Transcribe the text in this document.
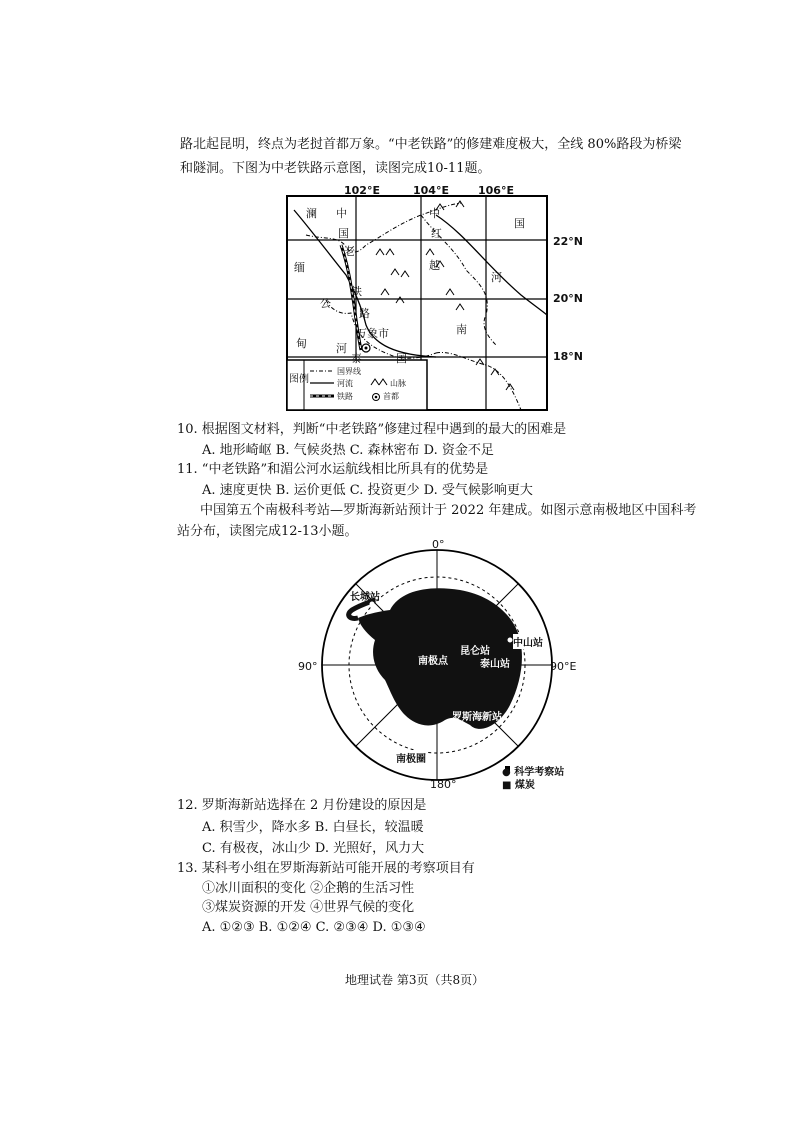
路北起昆明，终点为老挝首都万象。“中老铁路”的修建难度极大，全线 80%路段为桥梁
和隧洞。下图为中老铁路示意图，读图完成10-11题。
图例
国界线
河流	山脉
铁路	首都
澜 中
国
老
铁
路
缅
公
甸	河
万象市
泰	国
中
红
越
河
南
国
102°E	104°E	106°E
22°N
20°N
18°N
10. 根据图文材料，判断“中老铁路”修建过程中遇到的最大的困难是
A. 地形崎岖 B. 气候炎热 C. 森林密布 D. 资金不足
11. “中老铁路”和湄公河水运航线相比所具有的优势是
A. 速度更快 B. 运价更低 C. 投资更少 D. 受气候影响更大
中国第五个南极科考站—罗斯海新站预计于 2022 年建成。如图示意南极地区中国科考
站分布，读图完成12-13小题。
0°
90°	90°E
180°
长城站
中山站
昆仑站
泰山站
罗斯海新站
南极点
南极圈
● 科学考察站
■ 煤炭
12. 罗斯海新站选择在 2 月份建设的原因是
A. 积雪少，降水多 B. 白昼长，较温暖
C. 有极夜，冰山少 D. 光照好，风力大
13. 某科考小组在罗斯海新站可能开展的考察项目有
①冰川面积的变化 ②企鹅的生活习性
③煤炭资源的开发 ④世界气候的变化
A. ①②③ B. ①②④ C. ②③④ D. ①③④
地理试卷 第3页（共8页）
